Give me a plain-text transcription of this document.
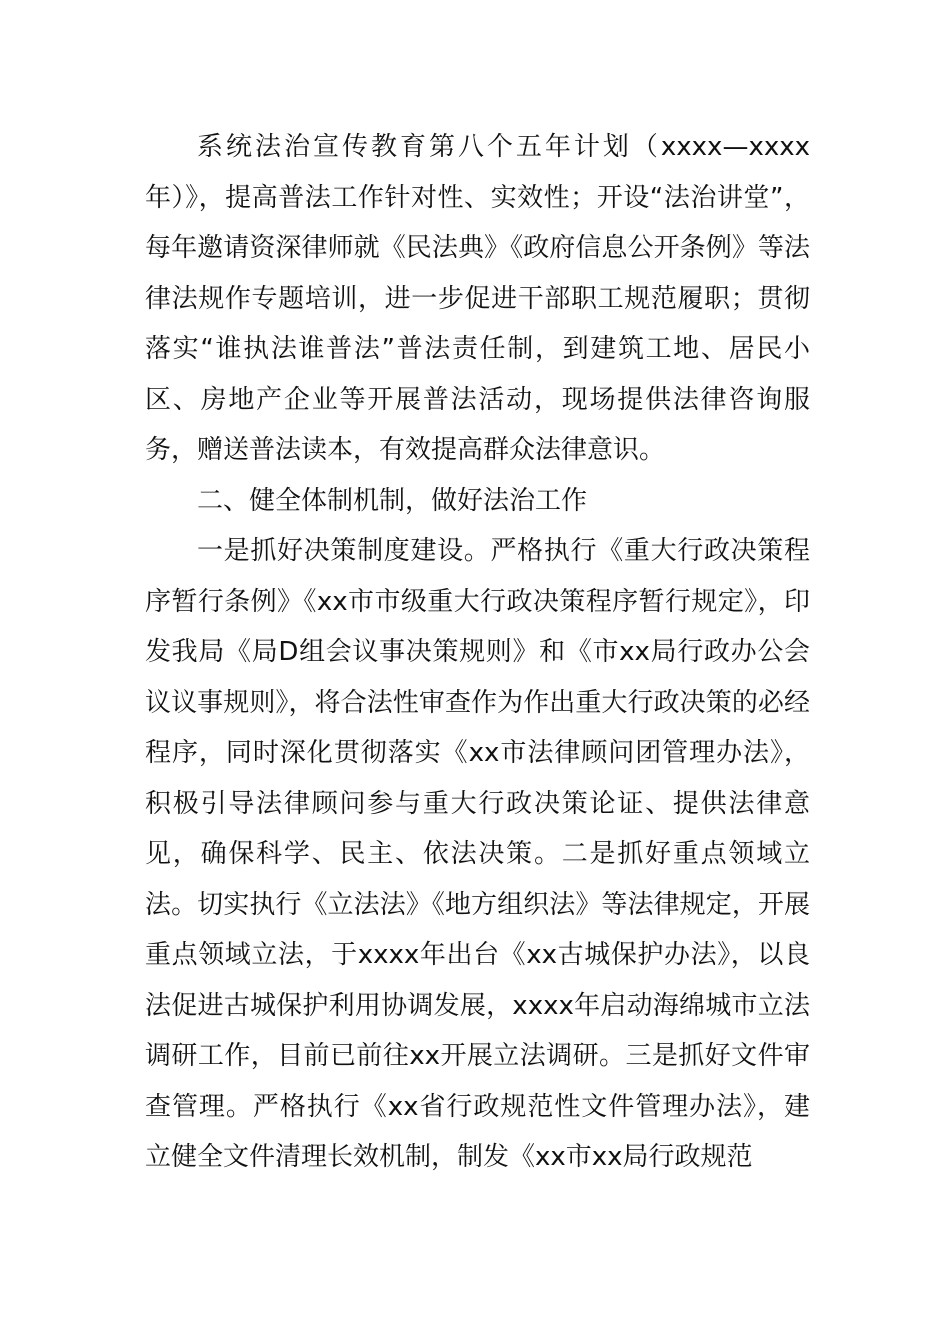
系统法治宣传教育第八个五年计划（xxxx—xxxx年）》，提高普法工作针对性、实效性；开设“法治讲堂”，每年邀请资深律师就《民法典》《政府信息公开条例》等法律法规作专题培训，进一步促进干部职工规范履职；贯彻落实“谁执法谁普法”普法责任制，到建筑工地、居民小区、房地产企业等开展普法活动，现场提供法律咨询服务，赠送普法读本，有效提高群众法律意识。

二、健全体制机制，做好法治工作

一是抓好决策制度建设。严格执行《重大行政决策程序暂行条例》《xx市市级重大行政决策程序暂行规定》，印发我局《局D组会议事决策规则》和《市xx局行政办公会议议事规则》，将合法性审查作为作出重大行政决策的必经程序，同时深化贯彻落实《xx市法律顾问团管理办法》，积极引导法律顾问参与重大行政决策论证、提供法律意见，确保科学、民主、依法决策。二是抓好重点领域立法。切实执行《立法法》《地方组织法》等法律规定，开展重点领域立法，于xxxx年出台《xx古城保护办法》，以良法促进古城保护利用协调发展，xxxx年启动海绵城市立法调研工作，目前已前往xx开展立法调研。三是抓好文件审查管理。严格执行《xx省行政规范性文件管理办法》，建立健全文件清理长效机制，制发《xx市xx局行政规范
